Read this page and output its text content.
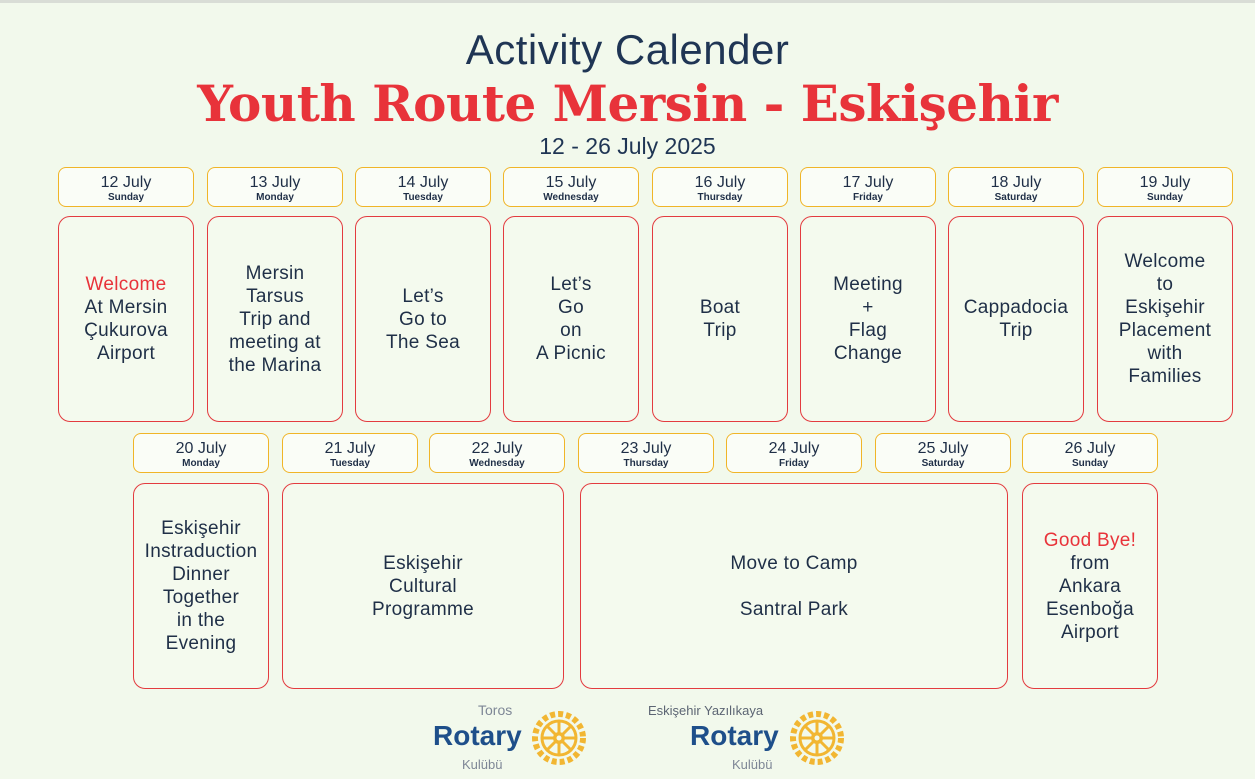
Activity Calender
Youth Route Mersin - Eskişehir
12 - 26 July 2025
12 July
Sunday
13 July
Monday
14 July
Tuesday
15 July
Wednesday
16 July
Thursday
17 July
Friday
18 July
Saturday
19 July
Sunday
Welcome
At Mersin
Çukurova
Airport
Mersin
Tarsus
Trip and
meeting at
the Marina
Let’s
Go to
The Sea
Let’s
Go
on
A Picnic
Boat
Trip
Meeting
+
Flag
Change
Cappadocia
Trip
Welcome
to
Eskişehir
Placement
with
Families
20 July
Monday
21 July
Tuesday
22 July
Wednesday
23 July
Thursday
24 July
Friday
25 July
Saturday
26 July
Sunday
Eskişehir
Instraduction
Dinner
Together
in the
Evening
Eskişehir
Cultural
Programme
Move to Camp

Santral Park
Good Bye!
from
Ankara
Esenboğa
Airport
Toros
Rotary
Kulübü
Eskişehir Yazılıkaya
Rotary
Kulübü
